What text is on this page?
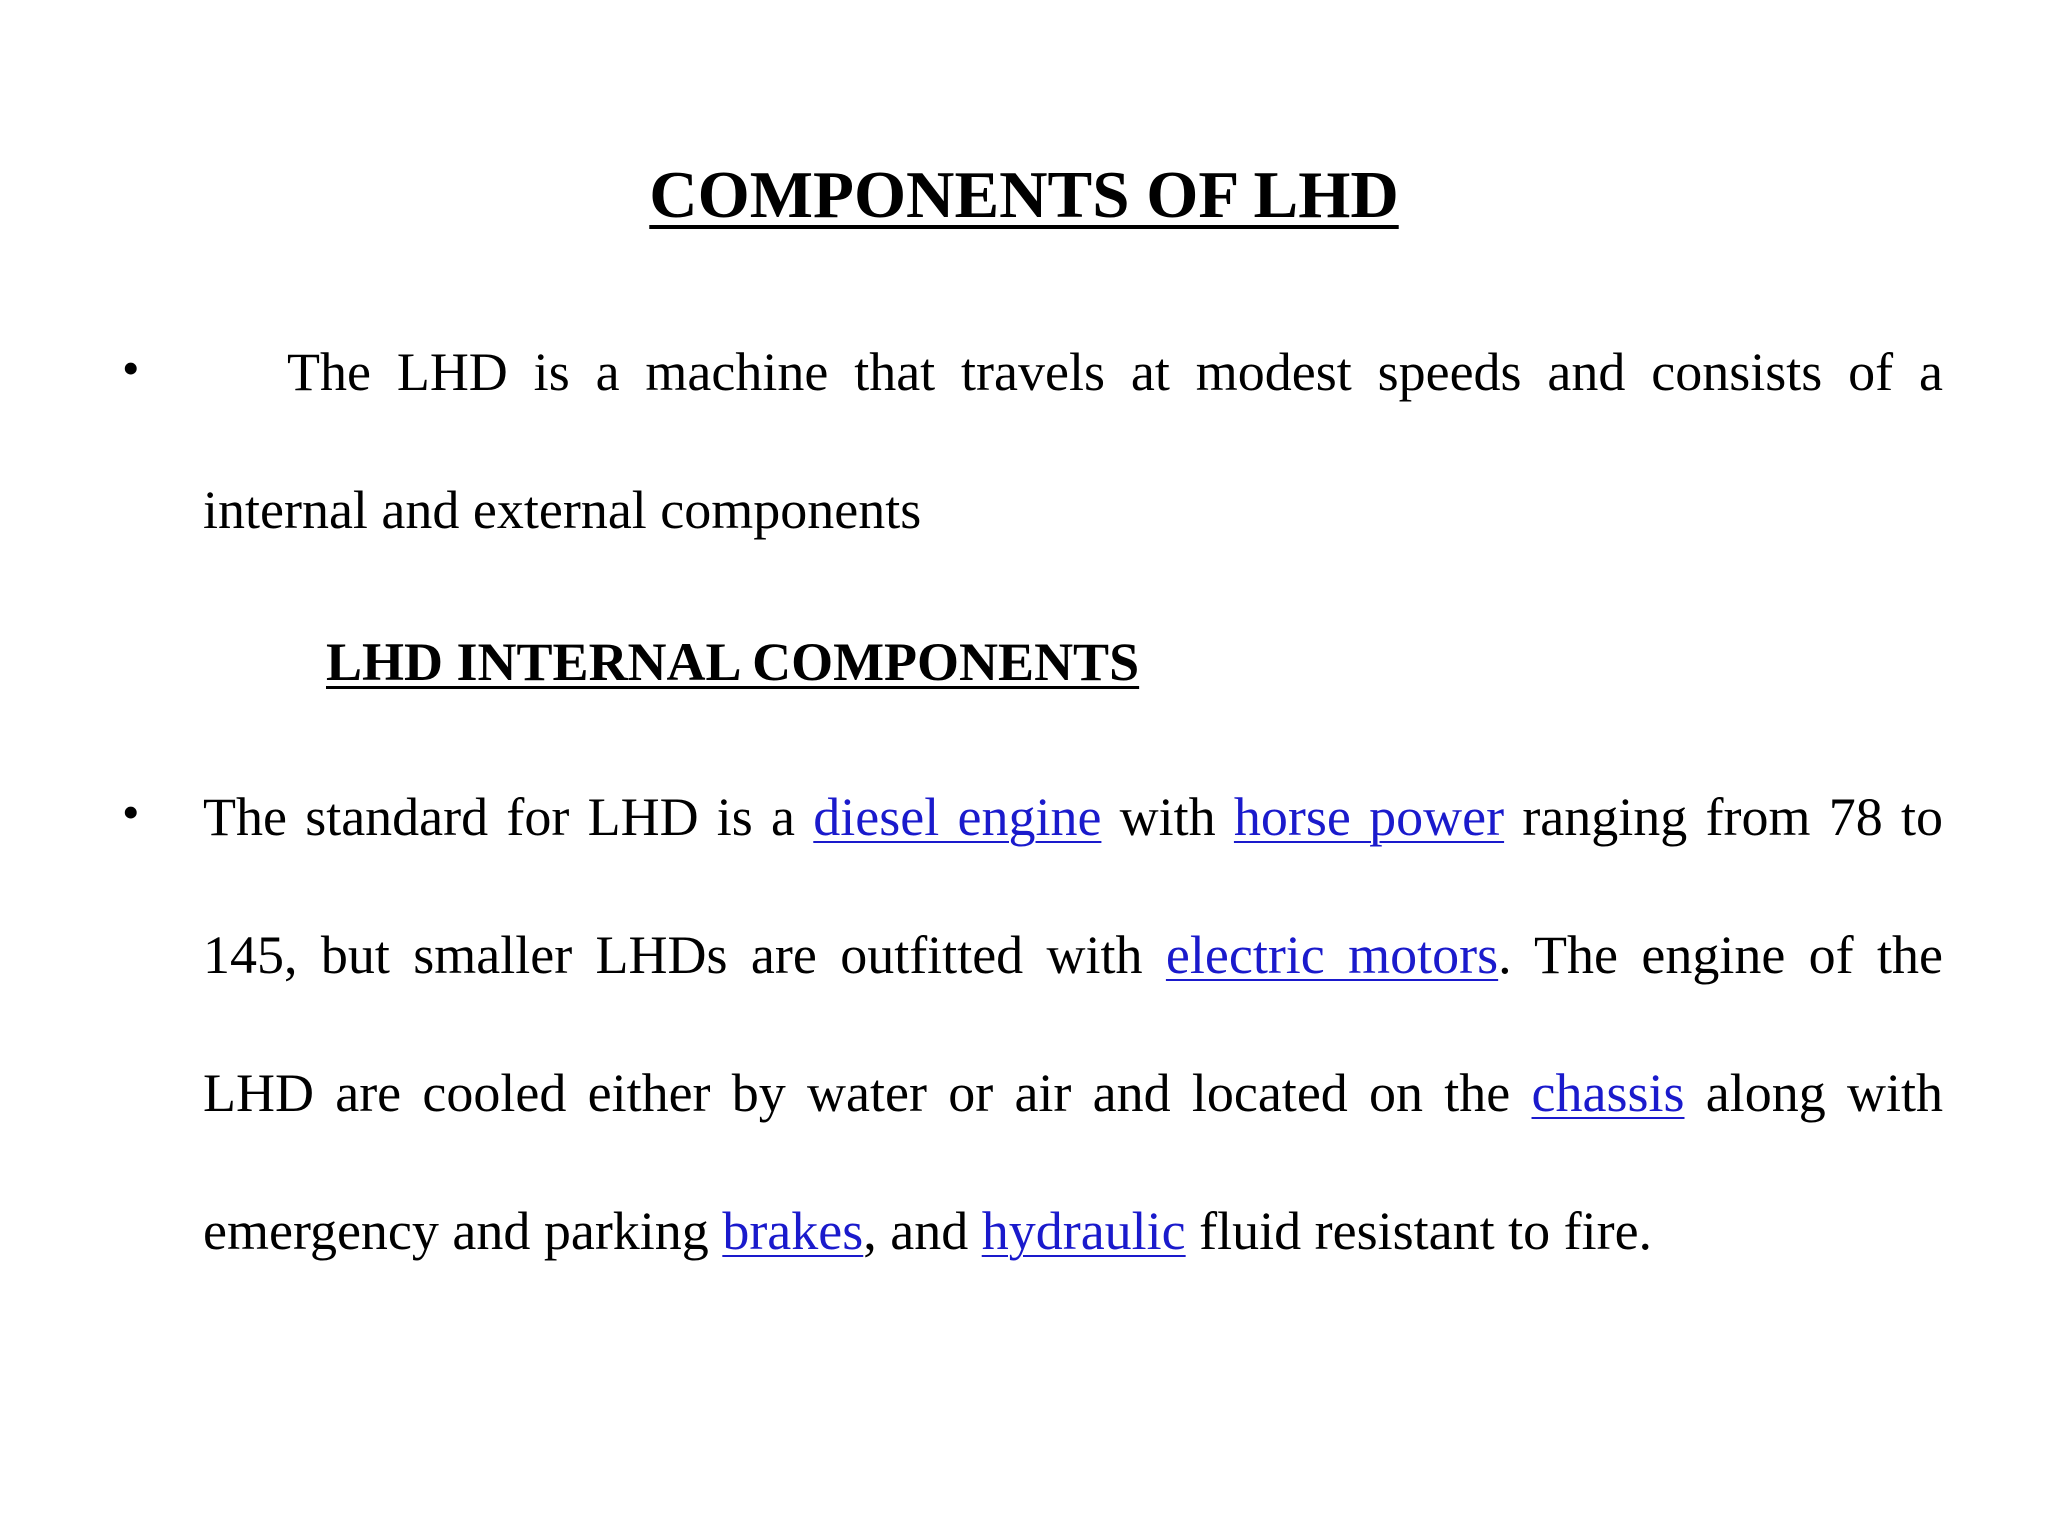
COMPONENTS OF LHD
•	The LHD is a machine that travels at modest speeds and consists of a internal and external components

LHD INTERNAL COMPONENTS
• The standard for LHD is a diesel engine with horse power ranging from 78 to 145, but smaller LHDs are outfitted with electric motors. The engine of the LHD are cooled either by water or air and located on the chassis along with emergency and parking brakes, and hydraulic fluid resistant to fire.
